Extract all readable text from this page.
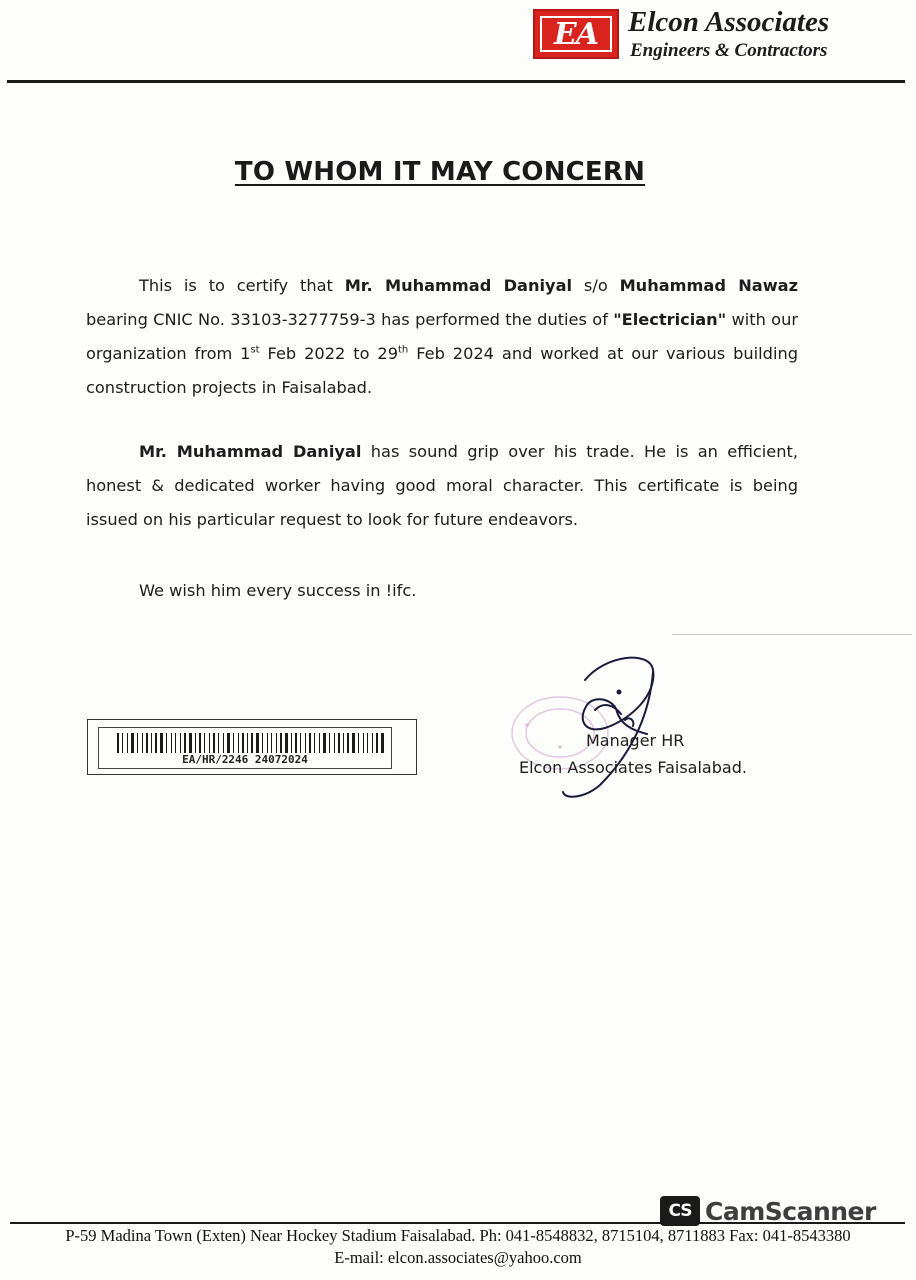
EA	Elcon Associates
Engineers & Contractors
TO WHOM IT MAY CONCERN
This is to certify that Mr. Muhammad Daniyal s/o Muhammad Nawaz bearing CNIC No. 33103-3277759-3 has performed the duties of "Electrician" with our organization from 1st Feb 2022 to 29th Feb 2024 and worked at our various building construction projects in Faisalabad.
Mr. Muhammad Daniyal has sound grip over his trade. He is an efficient, honest & dedicated worker having good moral character. This certificate is being issued on his particular request to look for future endeavors.
We wish him every success in !ifc.
EA/HR/2246 24072024
Manager HR
Elcon Associates Faisalabad.
P-59 Madina Town (Exten) Near Hockey Stadium Faisalabad. Ph: 041-8548832, 8715104, 8711883 Fax: 041-8543380
E-mail: elcon.associates@yahoo.com
CS CamScanner
